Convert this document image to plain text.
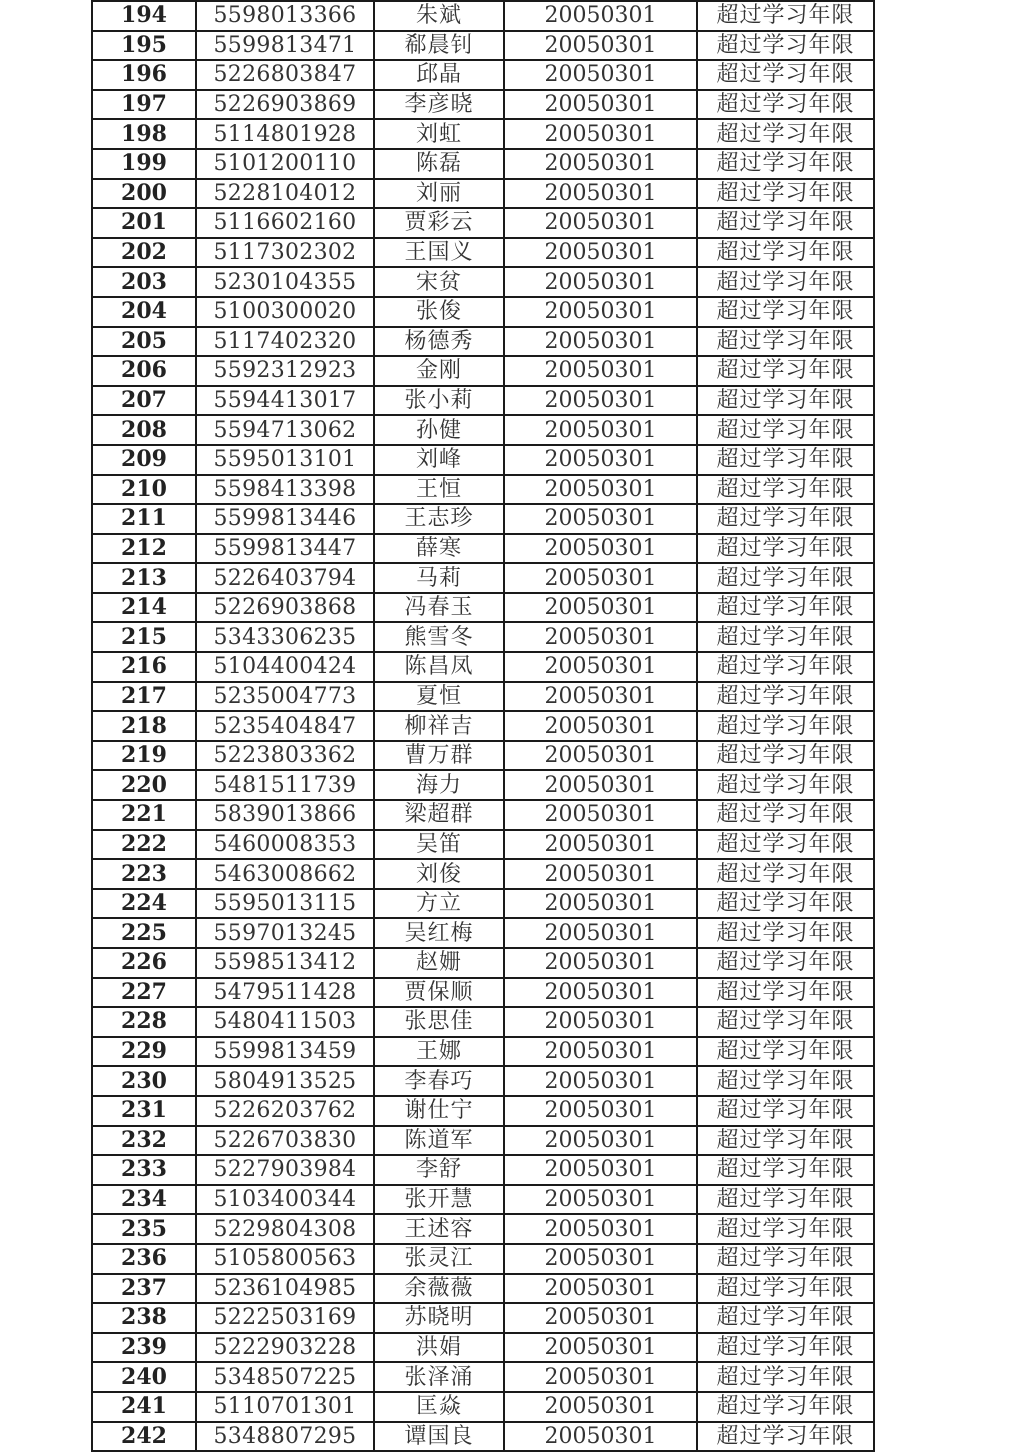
194	5598013366	朱斌	20050301	超过学习年限
195	5599813471	郗晨钊	20050301	超过学习年限
196	5226803847	邱晶	20050301	超过学习年限
197	5226903869	李彦晓	20050301	超过学习年限
198	5114801928	刘虹	20050301	超过学习年限
199	5101200110	陈磊	20050301	超过学习年限
200	5228104012	刘丽	20050301	超过学习年限
201	5116602160	贾彩云	20050301	超过学习年限
202	5117302302	王国义	20050301	超过学习年限
203	5230104355	宋贫	20050301	超过学习年限
204	5100300020	张俊	20050301	超过学习年限
205	5117402320	杨德秀	20050301	超过学习年限
206	5592312923	金刚	20050301	超过学习年限
207	5594413017	张小莉	20050301	超过学习年限
208	5594713062	孙健	20050301	超过学习年限
209	5595013101	刘峰	20050301	超过学习年限
210	5598413398	王恒	20050301	超过学习年限
211	5599813446	王志珍	20050301	超过学习年限
212	5599813447	薛寒	20050301	超过学习年限
213	5226403794	马莉	20050301	超过学习年限
214	5226903868	冯春玉	20050301	超过学习年限
215	5343306235	熊雪冬	20050301	超过学习年限
216	5104400424	陈昌凤	20050301	超过学习年限
217	5235004773	夏恒	20050301	超过学习年限
218	5235404847	柳祥吉	20050301	超过学习年限
219	5223803362	曹万群	20050301	超过学习年限
220	5481511739	海力	20050301	超过学习年限
221	5839013866	梁超群	20050301	超过学习年限
222	5460008353	吴笛	20050301	超过学习年限
223	5463008662	刘俊	20050301	超过学习年限
224	5595013115	方立	20050301	超过学习年限
225	5597013245	吴红梅	20050301	超过学习年限
226	5598513412	赵姗	20050301	超过学习年限
227	5479511428	贾保顺	20050301	超过学习年限
228	5480411503	张思佳	20050301	超过学习年限
229	5599813459	王娜	20050301	超过学习年限
230	5804913525	李春巧	20050301	超过学习年限
231	5226203762	谢仕宁	20050301	超过学习年限
232	5226703830	陈道军	20050301	超过学习年限
233	5227903984	李舒	20050301	超过学习年限
234	5103400344	张开慧	20050301	超过学习年限
235	5229804308	王述容	20050301	超过学习年限
236	5105800563	张灵江	20050301	超过学习年限
237	5236104985	余薇薇	20050301	超过学习年限
238	5222503169	苏晓明	20050301	超过学习年限
239	5222903228	洪娟	20050301	超过学习年限
240	5348507225	张泽涌	20050301	超过学习年限
241	5110701301	匡焱	20050301	超过学习年限
242	5348807295	谭国良	20050301	超过学习年限
